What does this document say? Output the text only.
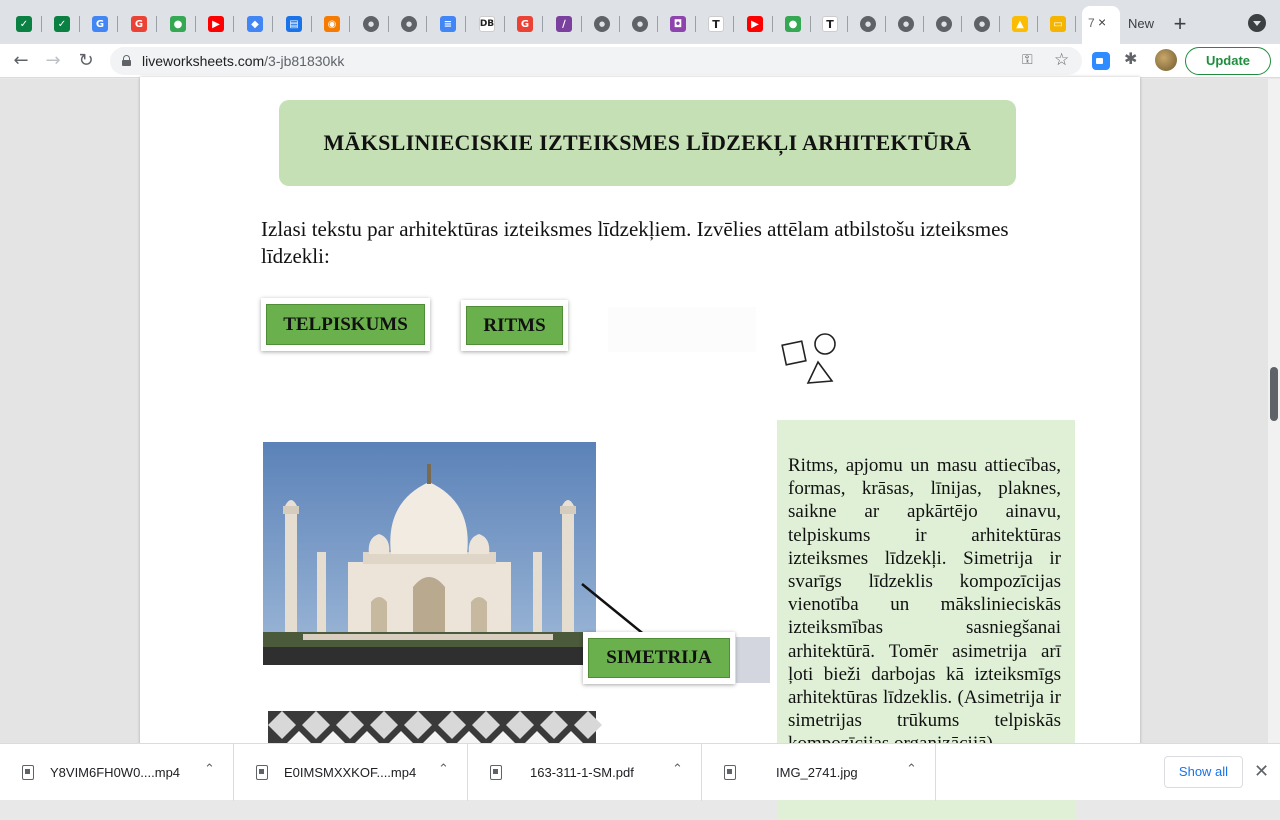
✓	✓	G	G	●	▶	◆	▤	◉	●	●	≡	DB	G	∕	●	●	◘	T	▶	●	T	●	●	●	●	▲	▭ 7 × New +
← → ↻	liveworksheets.com/3-jb81830kk	⚿ ☆	✱	Update
MĀKSLINIECISKIE IZTEIKSMES LĪDZEKĻI ARHITEKTŪRĀ
Izlasi tekstu par arhitektūras izteiksmes līdzekļiem. Izvēlies attēlam atbilstošu izteiksmes līdzekli:
TELPISKUMS	RITMS
SIMETRIJA
Ritms, apjomu un masu attiecības, formas, krāsas, līnijas, plaknes, saikne ar apkārtējo ainavu, telpiskums ir arhitektūras izteiksmes līdzekļi. Simetrija ir svarīgs līdzeklis kompozīcijas vienotība un mākslinieciskās izteiksmības sasniegšanai arhitektūrā. Tomēr asimetrija arī ļoti bieži darbojas kā izteiksmīgs arhitektūras līdzeklis. (Asimetrija ir simetrijas trūkums telpiskās
Y8VIM6FH0W0....mp4 ⌃	E0IMSMXXKOF....mp4 ⌃	163-311-1-SM.pdf	⌃	IMG_2741.jpg	⌃	Show all	✕
